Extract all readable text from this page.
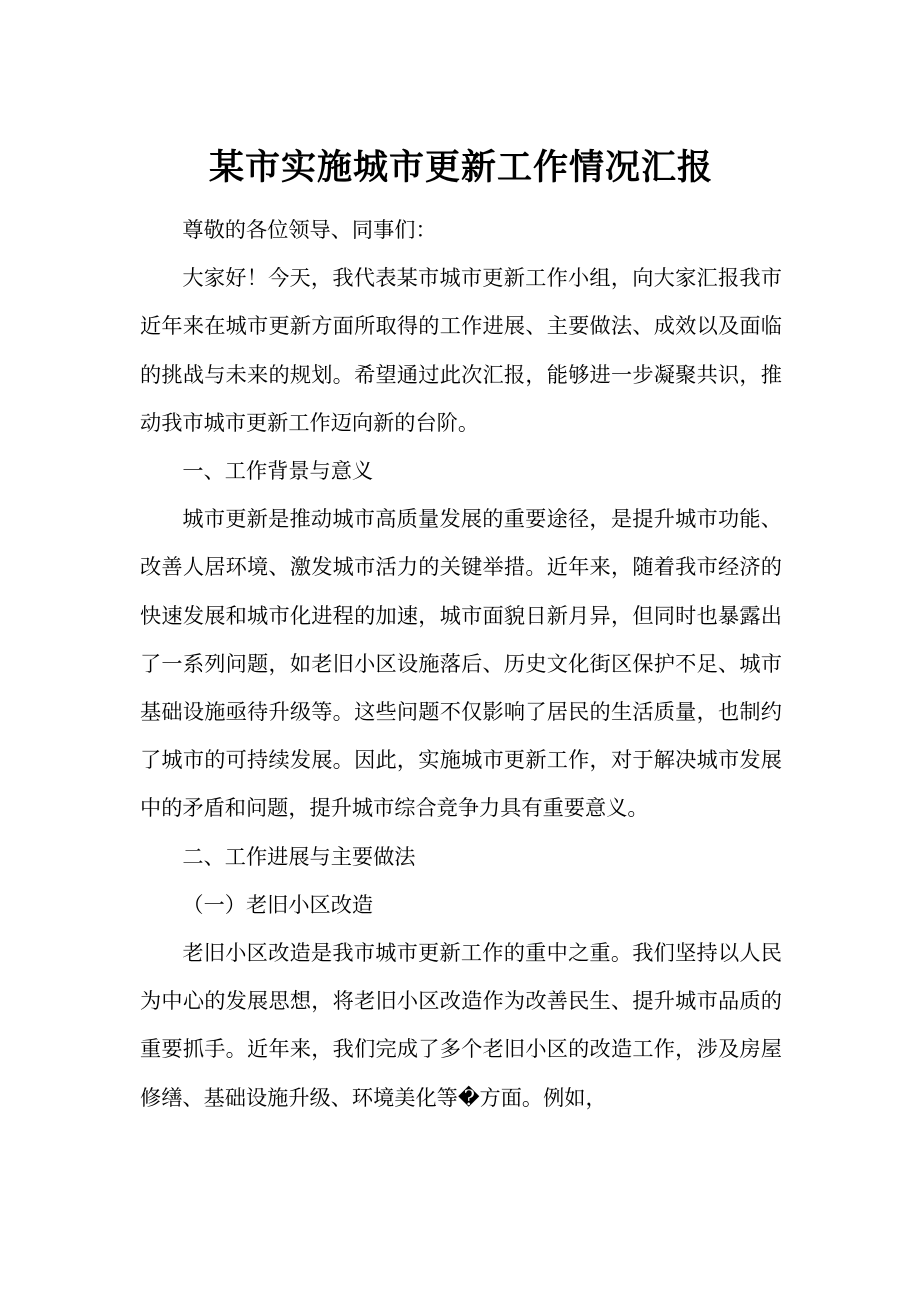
某市实施城市更新工作情况汇报

尊敬的各位领导、同事们：

大家好！今天，我代表某市城市更新工作小组，向大家汇报我市近年来在城市更新方面所取得的工作进展、主要做法、成效以及面临的挑战与未来的规划。希望通过此次汇报，能够进一步凝聚共识，推动我市城市更新工作迈向新的台阶。

一、工作背景与意义

城市更新是推动城市高质量发展的重要途径，是提升城市功能、改善人居环境、激发城市活力的关键举措。近年来，随着我市经济的快速发展和城市化进程的加速，城市面貌日新月异，但同时也暴露出了一系列问题，如老旧小区设施落后、历史文化街区保护不足、城市基础设施亟待升级等。这些问题不仅影响了居民的生活质量，也制约了城市的可持续发展。因此，实施城市更新工作，对于解决城市发展中的矛盾和问题，提升城市综合竞争力具有重要意义。

二、工作进展与主要做法

（一）老旧小区改造

老旧小区改造是我市城市更新工作的重中之重。我们坚持以人民为中心的发展思想，将老旧小区改造作为改善民生、提升城市品质的重要抓手。近年来，我们完成了多个老旧小区的改造工作，涉及房屋修缮、基础设施升级、环境美化等�方面。例如，
